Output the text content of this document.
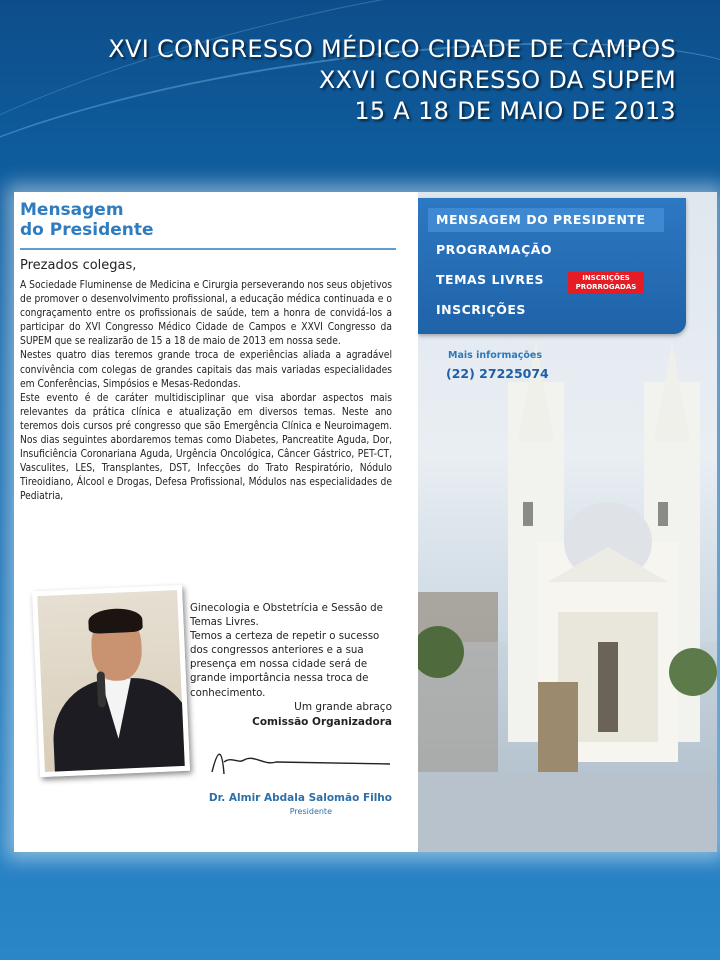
XVI CONGRESSO MÉDICO CIDADE DE CAMPOS
XXVI CONGRESSO DA SUPEM
15 A 18 DE MAIO DE 2013
Mensagem
do Presidente
Prezados colegas,

A Sociedade Fluminense de Medicina e Cirurgia perseverando nos seus objetivos de promover o desenvolvimento profissional, a educação médica continuada e o congraçamento entre os profissionais de saúde, tem a honra de convidá-los a participar do XVI Congresso Médico Cidade de Campos e XXVI Congresso da SUPEM que se realizarão de 15 a 18 de maio de 2013 em nossa sede.

Nestes quatro dias teremos grande troca de experiências aliada a agradável convivência com colegas de grandes capitais das mais variadas especialidades em Conferências, Simpósios e Mesas-Redondas.

Este evento é de caráter multidisciplinar que visa abordar aspectos mais relevantes da prática clínica e atualização em diversos temas. Neste ano teremos dois cursos pré congresso que são Emergência Clínica e Neuroimagem. Nos dias seguintes abordaremos temas como Diabetes, Pancreatite Aguda, Dor, Insuficiência Coronariana Aguda, Urgência Oncológica, Câncer Gástrico, PET-CT, Vasculites, LES, Transplantes, DST, Infecções do Trato Respiratório, Nódulo Tireoidiano, Álcool e Drogas, Defesa Profissional, Módulos nas especialidades de Pediatria,

Ginecologia e Obstetrícia e Sessão de Temas Livres.

Temos a certeza de repetir o sucesso dos congressos anteriores e a sua presença em nossa cidade será de grande importância nessa troca de conhecimento.

Um grande abraço
Comissão Organizadora
Dr. Almir Abdala Salomão Filho
Presidente
MENSAGEM DO PRESIDENTE
PROGRAMAÇÃO
TEMAS LIVRES
INSCRIÇÕES
INSCRIÇÕES
PRORROGADAS
Mais informações
(22) 27225074
